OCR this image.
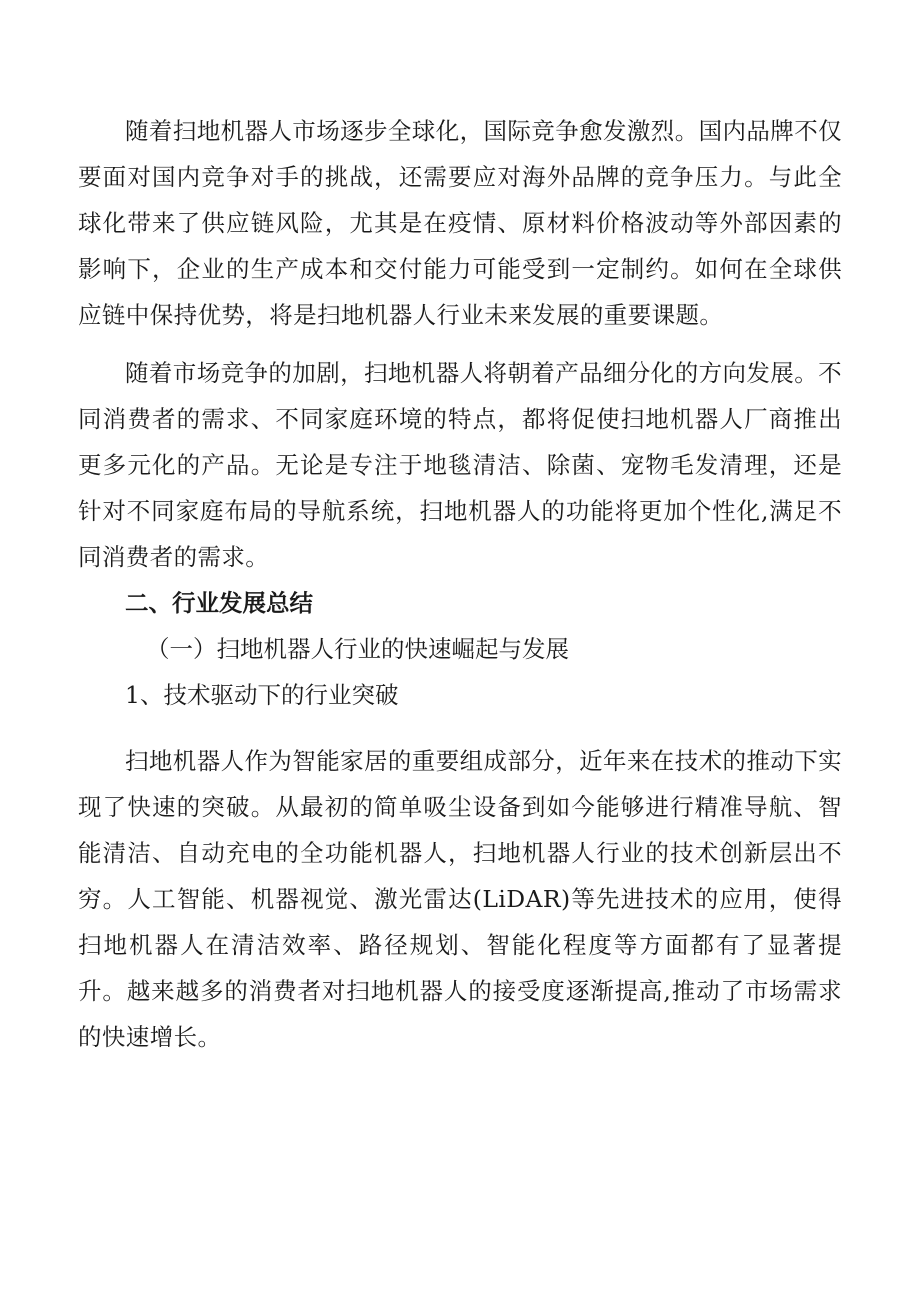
随着扫地机器人市场逐步全球化，国际竞争愈发激烈。国内品牌不仅要面对国内竞争对手的挑战，还需要应对海外品牌的竞争压力。与此全球化带来了供应链风险，尤其是在疫情、原材料价格波动等外部因素的影响下，企业的生产成本和交付能力可能受到一定制约。如何在全球供应链中保持优势，将是扫地机器人行业未来发展的重要课题。

随着市场竞争的加剧，扫地机器人将朝着产品细分化的方向发展。不同消费者的需求、不同家庭环境的特点，都将促使扫地机器人厂商推出更多元化的产品。无论是专注于地毯清洁、除菌、宠物毛发清理，还是针对不同家庭布局的导航系统，扫地机器人的功能将更加个性化,满足不同消费者的需求。

二、行业发展总结

（一）扫地机器人行业的快速崛起与发展

1、技术驱动下的行业突破

扫地机器人作为智能家居的重要组成部分，近年来在技术的推动下实现了快速的突破。从最初的简单吸尘设备到如今能够进行精准导航、智能清洁、自动充电的全功能机器人，扫地机器人行业的技术创新层出不穷。人工智能、机器视觉、激光雷达(LiDAR)等先进技术的应用，使得扫地机器人在清洁效率、路径规划、智能化程度等方面都有了显著提升。越来越多的消费者对扫地机器人的接受度逐渐提高,推动了市场需求的快速增长。
